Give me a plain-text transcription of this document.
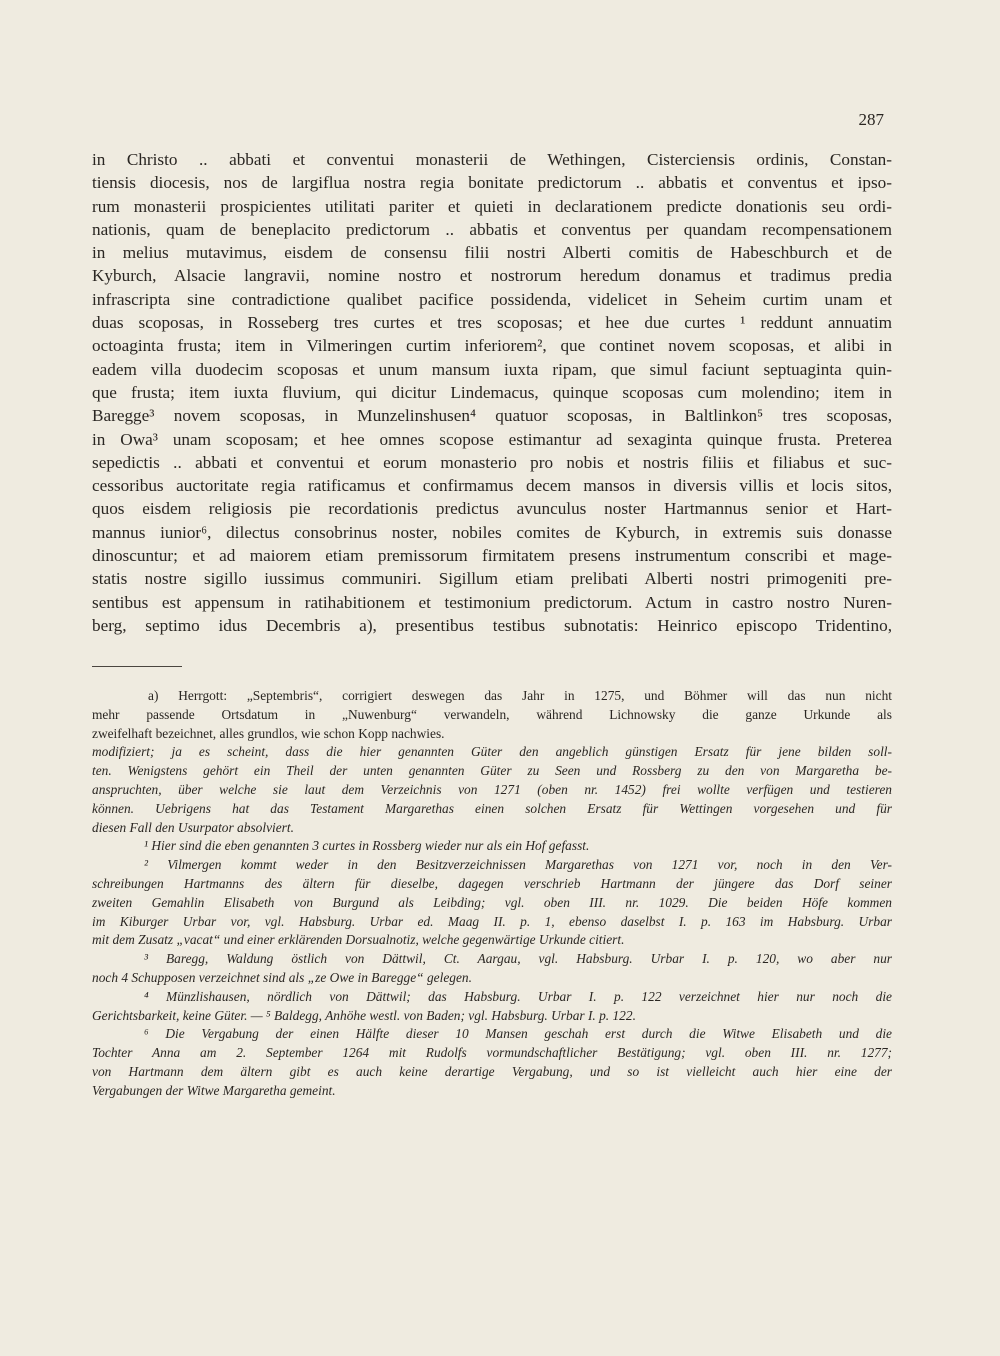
287
in Christo .. abbati et conventui monasterii de Wethingen, Cisterciensis ordinis, Constan-
tiensis diocesis, nos de largiflua nostra regia bonitate predictorum .. abbatis et conventus et ipso-
rum monasterii prospicientes utilitati pariter et quieti in declarationem predicte donationis seu ordi-
nationis, quam de beneplacito predictorum .. abbatis et conventus per quandam recompensationem
in melius mutavimus, eisdem de consensu filii nostri Alberti comitis de Habeschburch et de
Kyburch, Alsacie langravii, nomine nostro et nostrorum heredum donamus et tradimus predia
infrascripta sine contradictione qualibet pacifice possidenda, videlicet in Seheim curtim unam et
duas scoposas, in Rosseberg tres curtes et tres scoposas; et hee due curtes ¹ reddunt annuatim
octoaginta frusta; item in Vilmeringen curtim inferiorem², que continet novem scoposas, et alibi in
eadem villa duodecim scoposas et unum mansum iuxta ripam, que simul faciunt septuaginta quin-
que frusta; item iuxta fluvium, qui dicitur Lindemacus, quinque scoposas cum molendino; item in
Baregge³ novem scoposas, in Munzelinshusen⁴ quatuor scoposas, in Baltlinkon⁵ tres scoposas,
in Owa³ unam scoposam; et hee omnes scopose estimantur ad sexaginta quinque frusta. Preterea
sepedictis .. abbati et conventui et eorum monasterio pro nobis et nostris filiis et filiabus et suc-
cessoribus auctoritate regia ratificamus et confirmamus decem mansos in diversis villis et locis sitos,
quos eisdem religiosis pie recordationis predictus avunculus noster Hartmannus senior et Hart-
mannus iunior⁶, dilectus consobrinus noster, nobiles comites de Kyburch, in extremis suis donasse
dinoscuntur; et ad maiorem etiam premissorum firmitatem presens instrumentum conscribi et mage-
statis nostre sigillo iussimus communiri. Sigillum etiam prelibati Alberti nostri primogeniti pre-
sentibus est appensum in ratihabitionem et testimonium predictorum. Actum in castro nostro Nuren-
berg, septimo idus Decembris a), presentibus testibus subnotatis: Heinrico episcopo Tridentino,
a) Herrgott: „Septembris“, corrigiert deswegen das Jahr in 1275, und Böhmer will das nun nicht
mehr passende Ortsdatum in „Nuwenburg“ verwandeln, während Lichnowsky die ganze Urkunde als
zweifelhaft bezeichnet, alles grundlos, wie schon Kopp nachwies.
modifiziert; ja es scheint, dass die hier genannten Güter den angeblich günstigen Ersatz für jene bilden soll-
ten. Wenigstens gehört ein Theil der unten genannten Güter zu Seen und Rossberg zu den von Margaretha be-
anspruchten, über welche sie laut dem Verzeichnis von 1271 (oben nr. 1452) frei wollte verfügen und testieren
können. Uebrigens hat das Testament Margarethas einen solchen Ersatz für Wettingen vorgesehen und für
diesen Fall den Usurpator absolviert.
¹ Hier sind die eben genannten 3 curtes in Rossberg wieder nur als ein Hof gefasst.
² Vilmergen kommt weder in den Besitzverzeichnissen Margarethas von 1271 vor, noch in den Ver-
schreibungen Hartmanns des ältern für dieselbe, dagegen verschrieb Hartmann der jüngere das Dorf seiner
zweiten Gemahlin Elisabeth von Burgund als Leibding; vgl. oben III. nr. 1029. Die beiden Höfe kommen
im Kiburger Urbar vor, vgl. Habsburg. Urbar ed. Maag II. p. 1, ebenso daselbst I. p. 163 im Habsburg. Urbar
mit dem Zusatz „vacat“ und einer erklärenden Dorsualnotiz, welche gegenwärtige Urkunde citiert.
³ Baregg, Waldung östlich von Dättwil, Ct. Aargau, vgl. Habsburg. Urbar I. p. 120, wo aber nur
noch 4 Schupposen verzeichnet sind als „ze Owe in Baregge“ gelegen.
⁴ Münzlishausen, nördlich von Dättwil; das Habsburg. Urbar I. p. 122 verzeichnet hier nur noch die
Gerichtsbarkeit, keine Güter. — ⁵ Baldegg, Anhöhe westl. von Baden; vgl. Habsburg. Urbar I. p. 122.
⁶ Die Vergabung der einen Hälfte dieser 10 Mansen geschah erst durch die Witwe Elisabeth und die
Tochter Anna am 2. September 1264 mit Rudolfs vormundschaftlicher Bestätigung; vgl. oben III. nr. 1277;
von Hartmann dem ältern gibt es auch keine derartige Vergabung, und so ist vielleicht auch hier eine der
Vergabungen der Witwe Margaretha gemeint.
